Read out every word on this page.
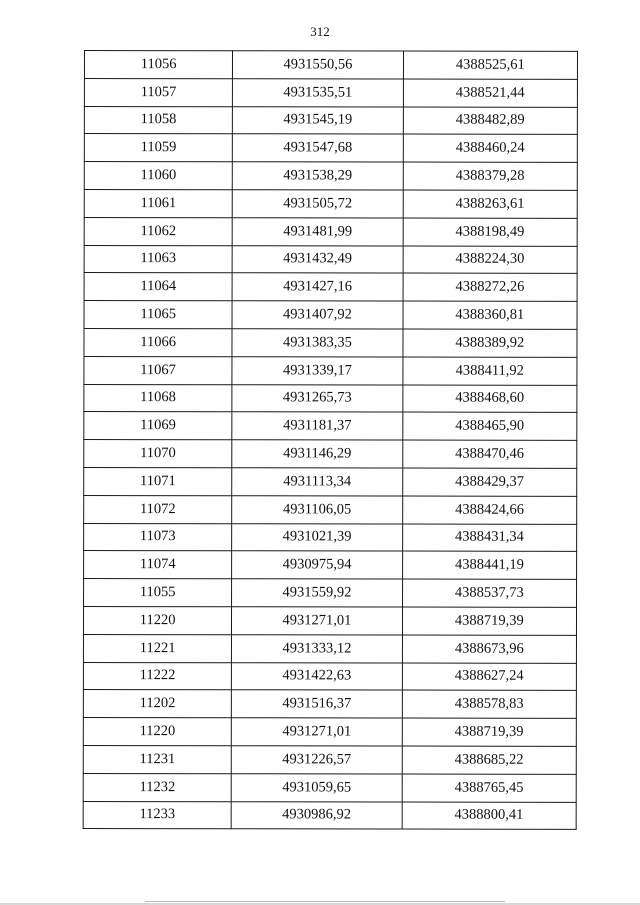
312
11056	4931550,56	4388525,61
11057	4931535,51	4388521,44
11058	4931545,19	4388482,89
11059	4931547,68	4388460,24
11060	4931538,29	4388379,28
11061	4931505,72	4388263,61
11062	4931481,99	4388198,49
11063	4931432,49	4388224,30
11064	4931427,16	4388272,26
11065	4931407,92	4388360,81
11066	4931383,35	4388389,92
11067	4931339,17	4388411,92
11068	4931265,73	4388468,60
11069	4931181,37	4388465,90
11070	4931146,29	4388470,46
11071	4931113,34	4388429,37
11072	4931106,05	4388424,66
11073	4931021,39	4388431,34
11074	4930975,94	4388441,19
11055	4931559,92	4388537,73
11220	4931271,01	4388719,39
11221	4931333,12	4388673,96
11222	4931422,63	4388627,24
11202	4931516,37	4388578,83
11220	4931271,01	4388719,39
11231	4931226,57	4388685,22
11232	4931059,65	4388765,45
11233	4930986,92	4388800,41
